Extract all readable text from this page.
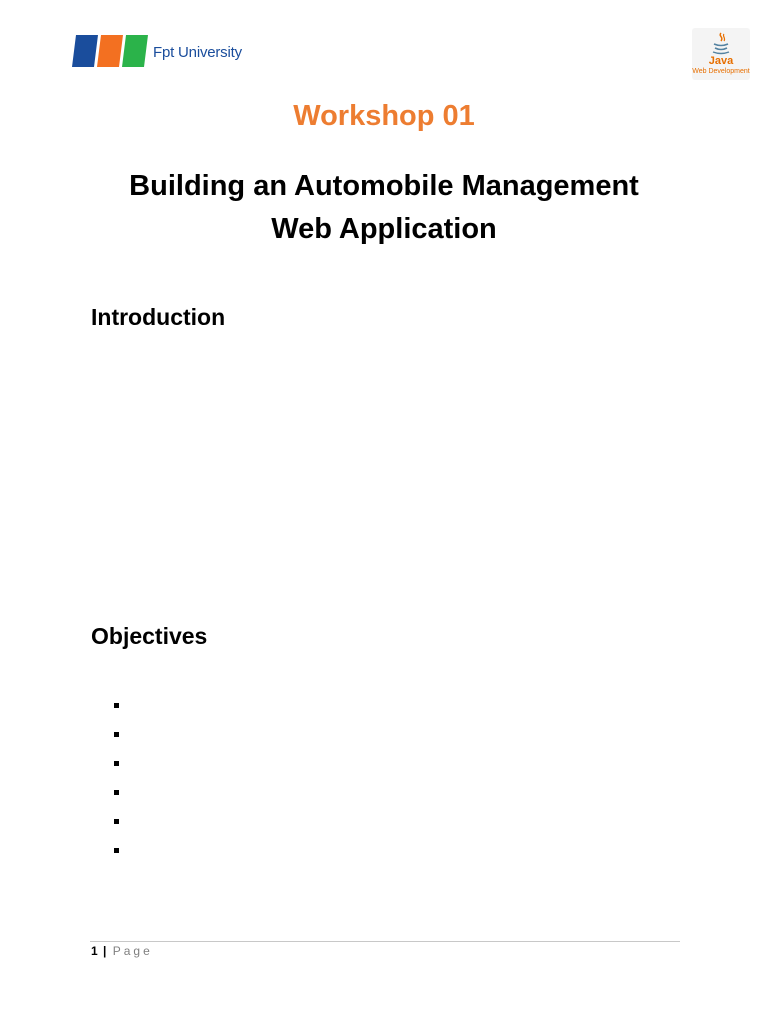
Fpt University	Java
Web Development
Workshop 01
Building an Automobile Management
Web Application
Introduction
Objectives
1 | Page
